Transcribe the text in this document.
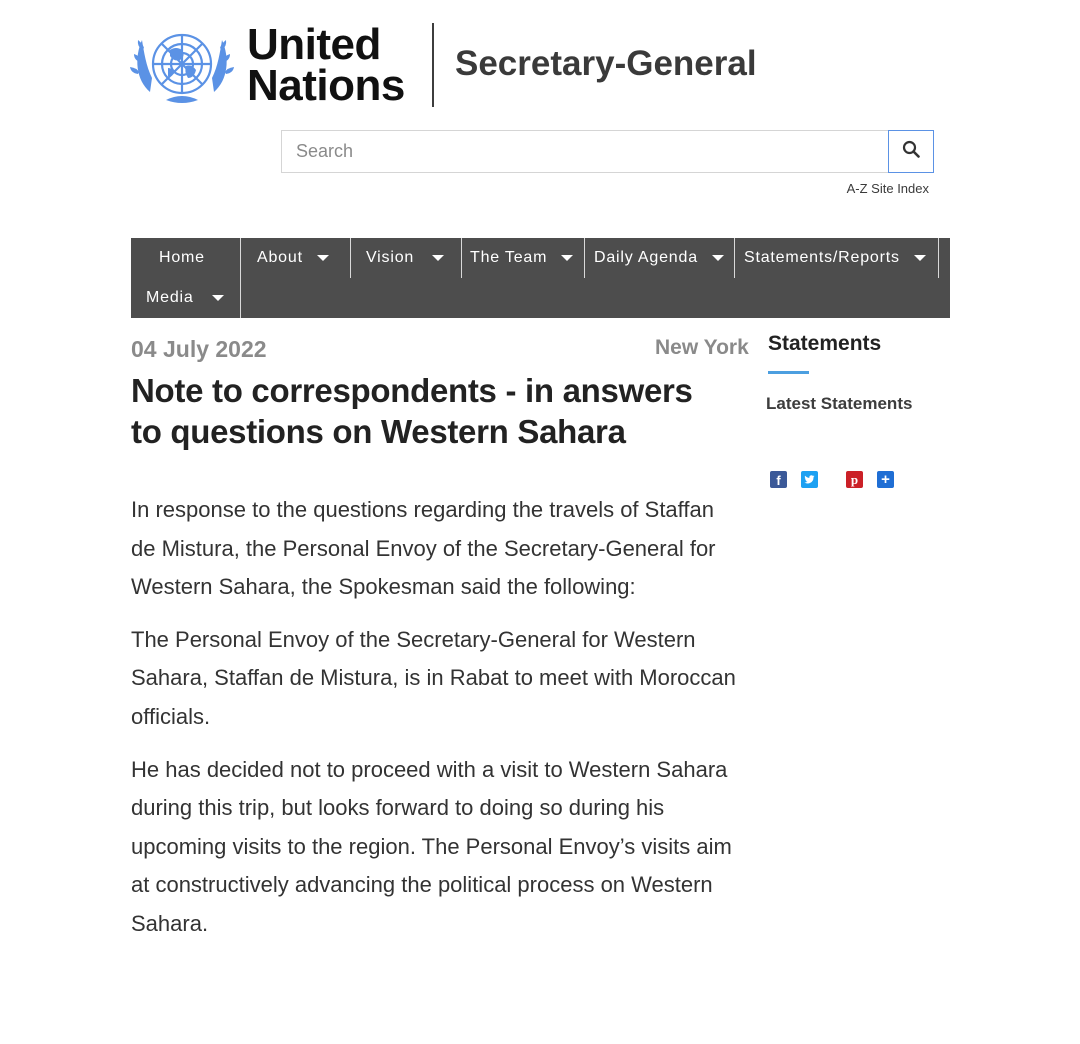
United
Nations Secretary-General
Search
A-Z Site Index
Home	About	Vision	The Team	Daily Agenda	Statements/Reports
Media
04 July 2022	New York
Note to correspondents - in answers to questions on Western Sahara

In response to the questions regarding the travels of Staffan de Mistura, the Personal Envoy of the Secretary-General for Western Sahara, the Spokesman said the following:

The Personal Envoy of the Secretary-General for Western Sahara, Staffan de Mistura, is in Rabat to meet with Moroccan officials.

He has decided not to proceed with a visit to Western Sahara during this trip, but looks forward to doing so during his upcoming visits to the region. The Personal Envoy’s visits aim at constructively advancing the political process on Western Sahara.

Statements
Latest Statements
f	p +
